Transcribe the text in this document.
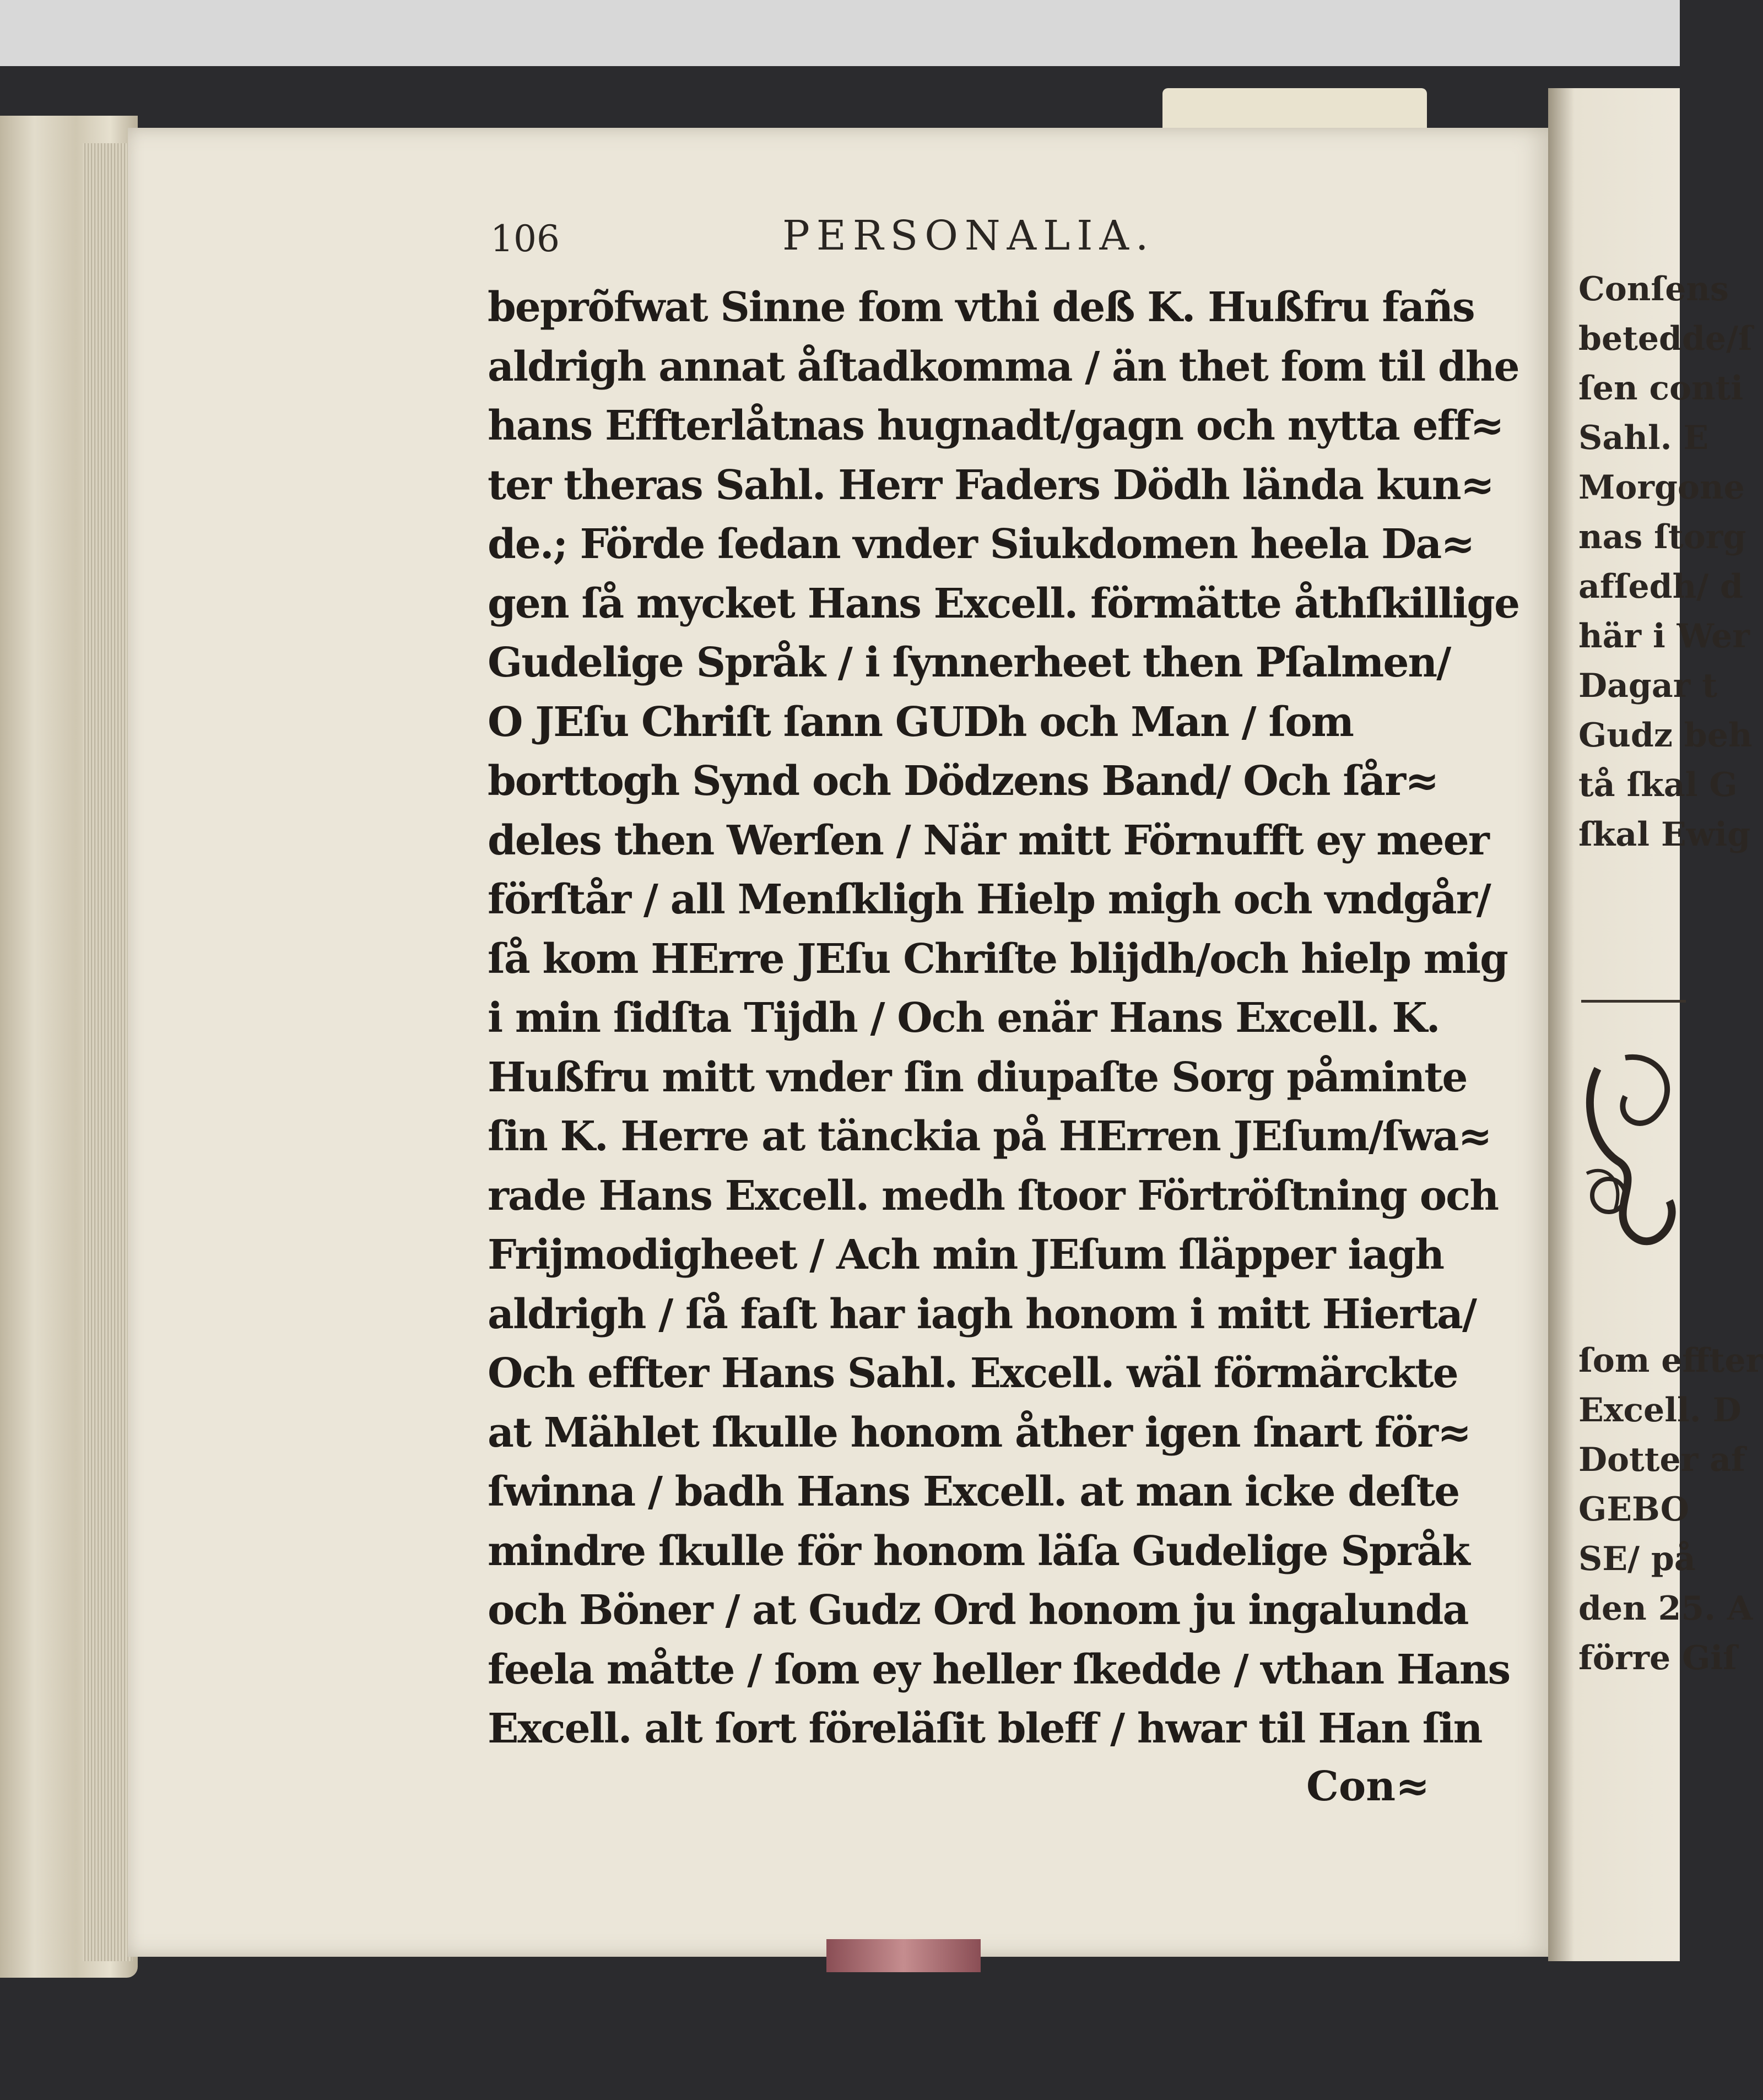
106	PERSONALIA.
beprõfwat Sinne fom vthi deß K. Hußfru fañs
aldrigh annat åſtadkomma / än thet fom til dhe
hans Effterlåtnas hugnadt/gagn och nytta eff≈
ter theras Sahl. Herr Faders Dödh lända kun≈
de.; Förde ſedan vnder Siukdomen heela Da≈
gen ſå mycket Hans Excell. förmätte åthſkillige
Gudelige Språk / i ſynnerheet then Pſalmen/
O JEſu Chriſt ſann GUDh och Man / ſom
borttogh Synd och Dödzens Band/ Och ſår≈
deles then Werſen / När mitt Förnufft ey meer
förſtår / all Menſkligh Hielp migh och vndgår/
ſå kom HErre JEſu Chriſte blijdh/och hielp mig
i min ſidſta Tijdh / Och enär Hans Excell. K.
Hußfru mitt vnder ſin diupaſte Sorg påminte
ſin K. Herre at tänckia på HErren JEſum/ſwa≈
rade Hans Excell. medh ſtoor Förtröſtning och
Frijmodigheet / Ach min JEſum ſläpper iagh
aldrigh / ſå faſt har iagh honom i mitt Hierta/
Och effter Hans Sahl. Excell. wäl förmärckte
at Mählet ſkulle honom åther igen ſnart för≈
ſwinna / badh Hans Excell. at man icke deſte
mindre ſkulle för honom läſa Gudelige Språk
och Böner / at Gudz Ord honom ju ingalunda
feela måtte / ſom ey heller ſkedde / vthan Hans
Excell. alt ſort föreläſit bleff / hwar til Han ſin
Con≈
Conſens
betedde/ſ
ſen conti
Sahl. E
Morgone
nas ſtorg
afſedh/ d
här i Wer
Dagar t
Gudz beh
tå ſkal G
ſkal Ewig
ſom effter
Excell. D
Dotter af
GEBO
SE/ på
den 25. A
förre Giſ
